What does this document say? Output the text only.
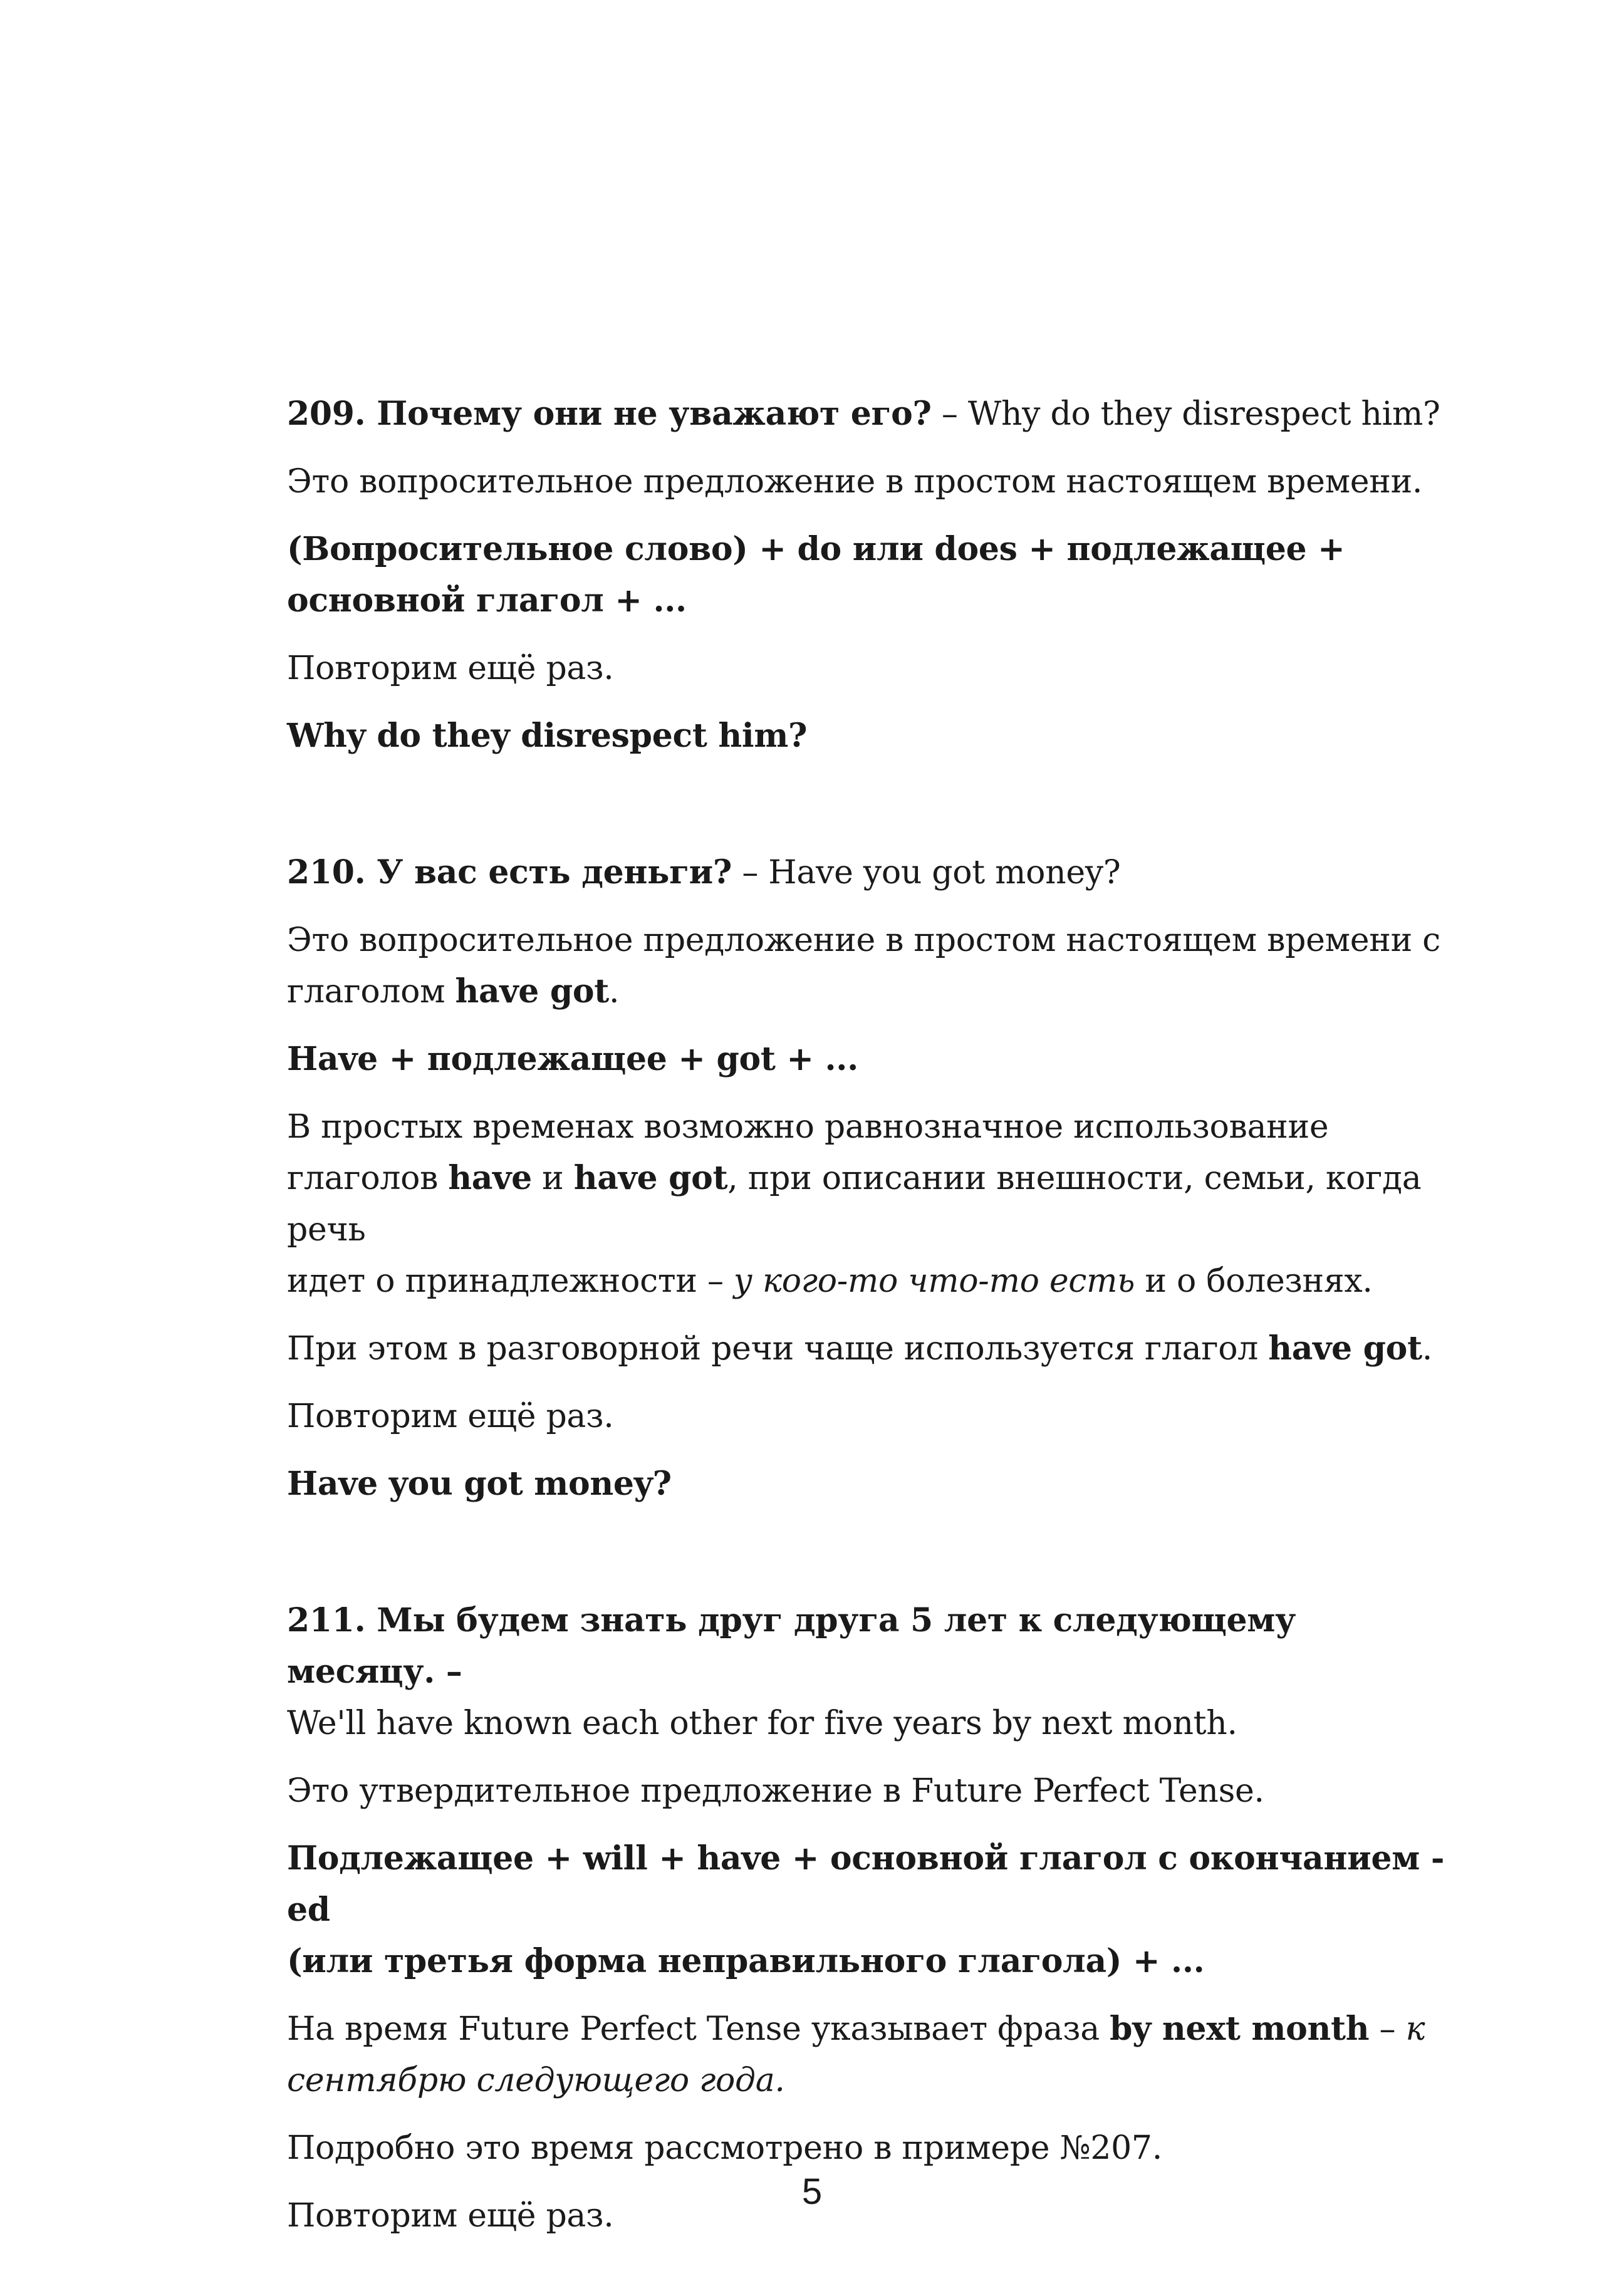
209. Почему они не уважают его? – Why do they disrespect him?

Это вопросительное предложение в простом настоящем времени.

(Вопросительное слово) + do или does + подлежащее +
основной глагол + ...

Повторим ещё раз.

Why do they disrespect him?

210. У вас есть деньги? – Have you got money?

Это вопросительное предложение в простом настоящем времени с
глаголом have got.

Have + подлежащее + got + ...

В простых временах возможно равнозначное использование
глаголов have и have got, при описании внешности, семьи, когда речь
идет о принадлежности – у кого-то что-то есть и о болезнях.

При этом в разговорной речи чаще используется глагол have got.

Повторим ещё раз.

Have you got money?

211. Мы будем знать друг друга 5 лет к следующему месяцу. –
We'll have known each other for five years by next month.

Это утвердительное предложение в Future Perfect Tense.

Подлежащее + will + have + основной глагол с окончанием -ed
(или третья форма неправильного глагола) + ...

На время Future Perfect Tense указывает фраза by next month – к
сентябрю следующего года.

Подробно это время рассмотрено в примере №207.

Повторим ещё раз.

5
